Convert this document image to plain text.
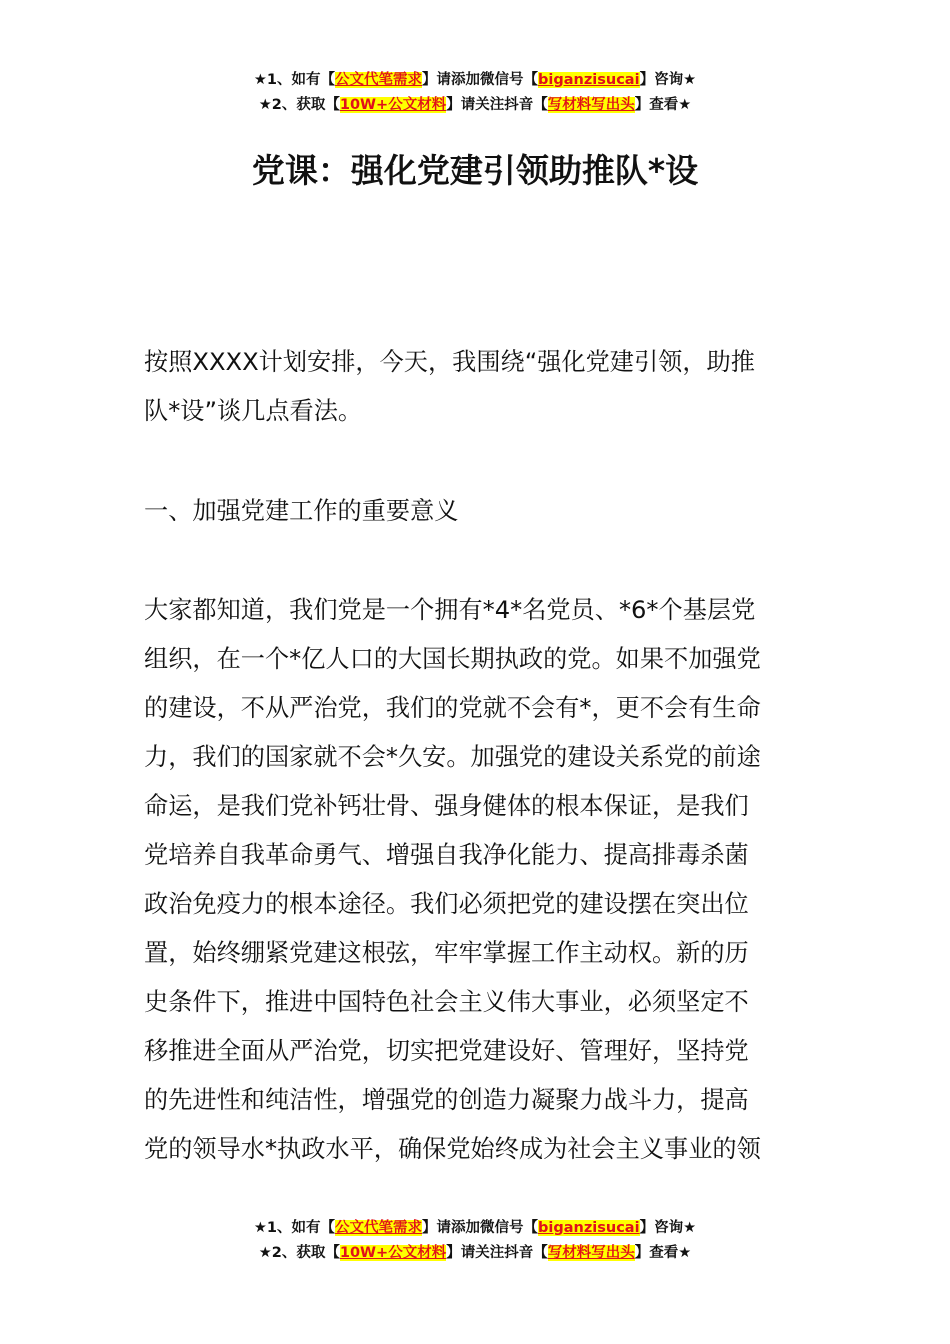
★1、如有【公文代笔需求】请添加微信号【biganzisucai】咨询★
★2、获取【10W+公文材料】请关注抖音【写材料写出头】查看★
党课：强化党建引领助推队*设
按照XXXX计划安排，今天，我围绕“强化党建引领，助推
队*设”谈几点看法。
一、加强党建工作的重要意义
大家都知道，我们党是一个拥有*4*名党员、*6*个基层党
组织，在一个*亿人口的大国长期执政的党。如果不加强党
的建设，不从严治党，我们的党就不会有*，更不会有生命
力，我们的国家就不会*久安。加强党的建设关系党的前途
命运，是我们党补钙壮骨、强身健体的根本保证，是我们
党培养自我革命勇气、增强自我净化能力、提高排毒杀菌
政治免疫力的根本途径。我们必须把党的建设摆在突出位
置，始终绷紧党建这根弦，牢牢掌握工作主动权。新的历
史条件下，推进中国特色社会主义伟大事业，必须坚定不
移推进全面从严治党，切实把党建设好、管理好，坚持党
的先进性和纯洁性，增强党的创造力凝聚力战斗力，提高
党的领导水*执政水平，确保党始终成为社会主义事业的领
★1、如有【公文代笔需求】请添加微信号【biganzisucai】咨询★
★2、获取【10W+公文材料】请关注抖音【写材料写出头】查看★
